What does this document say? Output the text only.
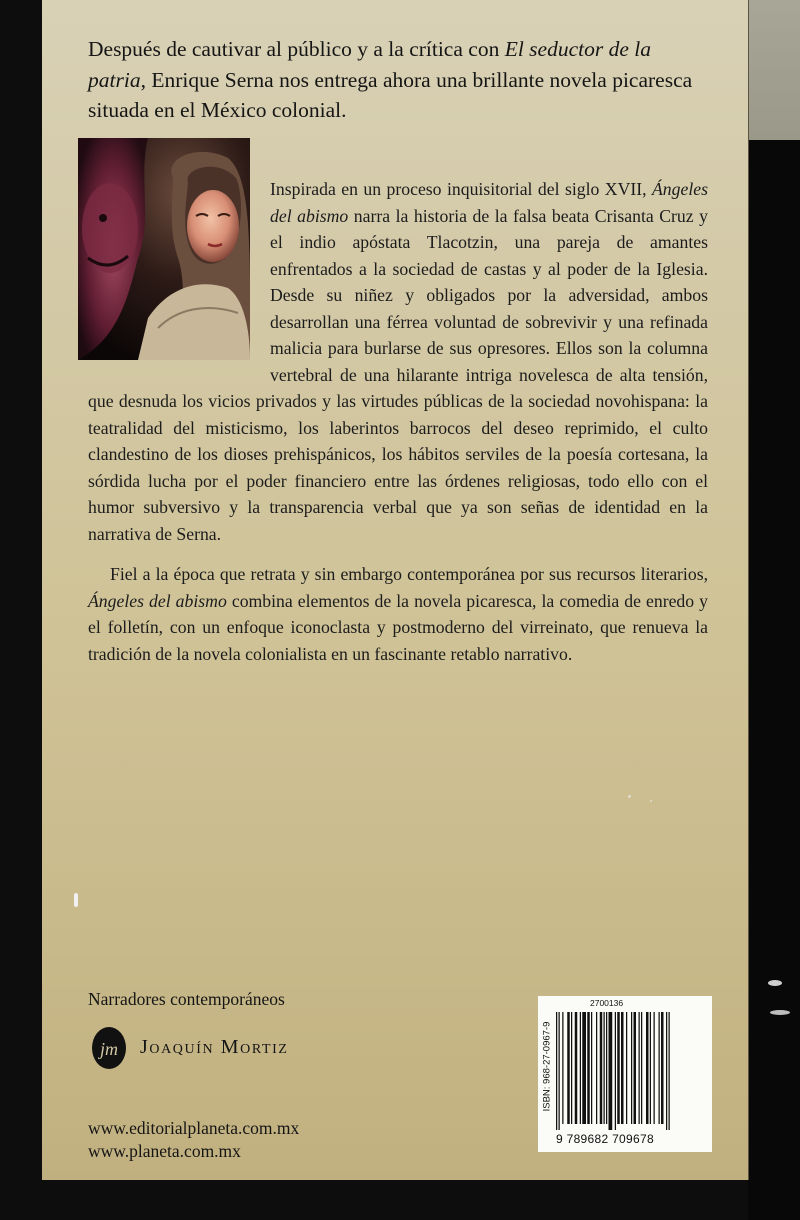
Después de cautivar al público y a la crítica con El seductor de la patria, Enrique Serna nos entrega ahora una brillante novela picaresca situada en el México colonial.

Inspirada en un proceso inquisitorial del siglo XVII, Ángeles del abismo narra la historia de la falsa beata Crisanta Cruz y el indio apóstata Tlacotzin, una pareja de amantes enfrentados a la sociedad de castas y al poder de la Iglesia. Desde su niñez y obligados por la adversidad, ambos desarrollan una férrea voluntad de sobrevivir y una refinada malicia para burlarse de sus opresores. Ellos son la columna vertebral de una hilarante intriga novelesca de alta tensión, que desnuda los vicios privados y las virtudes públicas de la sociedad novohispana: la teatralidad del misticismo, los laberintos barrocos del deseo reprimido, el culto clandestino de los dioses prehispánicos, los hábitos serviles de la poesía cortesana, la sórdida lucha por el poder financiero entre las órdenes religiosas, todo ello con el humor subversivo y la transparencia verbal que ya son señas de identidad en la narrativa de Serna.

Fiel a la época que retrata y sin embargo contemporánea por sus recursos literarios, Ángeles del abismo combina elementos de la novela picaresca, la comedia de enredo y el folletín, con un enfoque iconoclasta y postmoderno del virreinato, que renueva la tradición de la novela colonialista en un fascinante retablo narrativo.

Narradores contemporáneos

jm Joaquín Mortiz

www.editorialplaneta.com.mx

www.planeta.com.mx

2700136
ISBN: 968-27-0967-9
9 789682 709678
